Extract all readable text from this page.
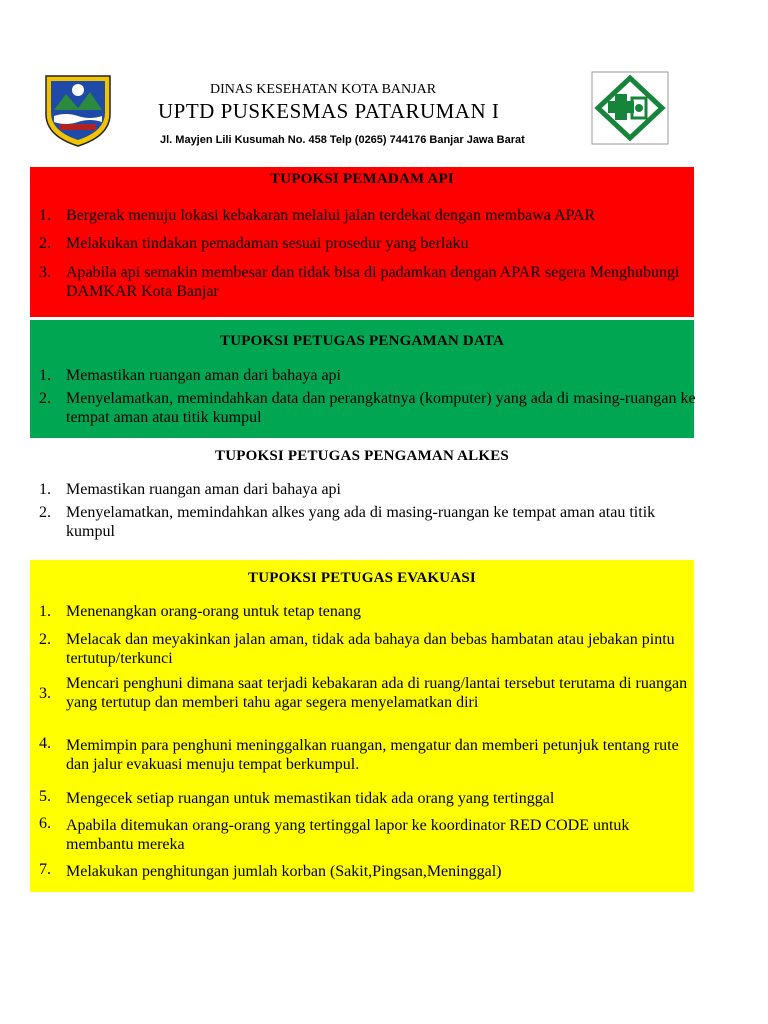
DINAS KESEHATAN KOTA BANJAR
UPTD PUSKESMAS PATARUMAN I
Jl. Mayjen Lili Kusumah No. 458 Telp (0265) 744176 Banjar Jawa Barat
TUPOKSI PEMADAM API
1. Bergerak menuju lokasi kebakaran melalui jalan terdekat dengan membawa APAR
2. Melakukan tindakan pemadaman sesuai prosedur yang berlaku
3. Apabila api semakin membesar dan tidak bisa di padamkan dengan APAR segera Menghubungi DAMKAR Kota Banjar
TUPOKSI PETUGAS PENGAMAN DATA
1. Memastikan ruangan aman dari bahaya api
2. Menyelamatkan, memindahkan data dan perangkatnya (komputer) yang ada di masing-ruangan ke tempat aman atau titik kumpul
TUPOKSI PETUGAS PENGAMAN ALKES
1. Memastikan ruangan aman dari bahaya api
2. Menyelamatkan, memindahkan alkes yang ada di masing-ruangan ke tempat aman atau titik kumpul
TUPOKSI PETUGAS EVAKUASI
1. Menenangkan orang-orang untuk tetap tenang
2. Melacak dan meyakinkan jalan aman, tidak ada bahaya dan bebas hambatan atau jebakan pintu tertutup/terkunci
3.
Mencari penghuni dimana saat terjadi kebakaran ada di ruang/lantai tersebut terutama di ruangan yang tertutup dan memberi tahu agar segera menyelamatkan diri
4. Memimpin para penghuni meninggalkan ruangan, mengatur dan memberi petunjuk tentang rute dan jalur evakuasi menuju tempat berkumpul.
5. Mengecek setiap ruangan untuk memastikan tidak ada orang yang tertinggal
6. Apabila ditemukan orang-orang yang tertinggal lapor ke koordinator RED CODE untuk membantu mereka
7. Melakukan penghitungan jumlah korban (Sakit,Pingsan,Meninggal)
